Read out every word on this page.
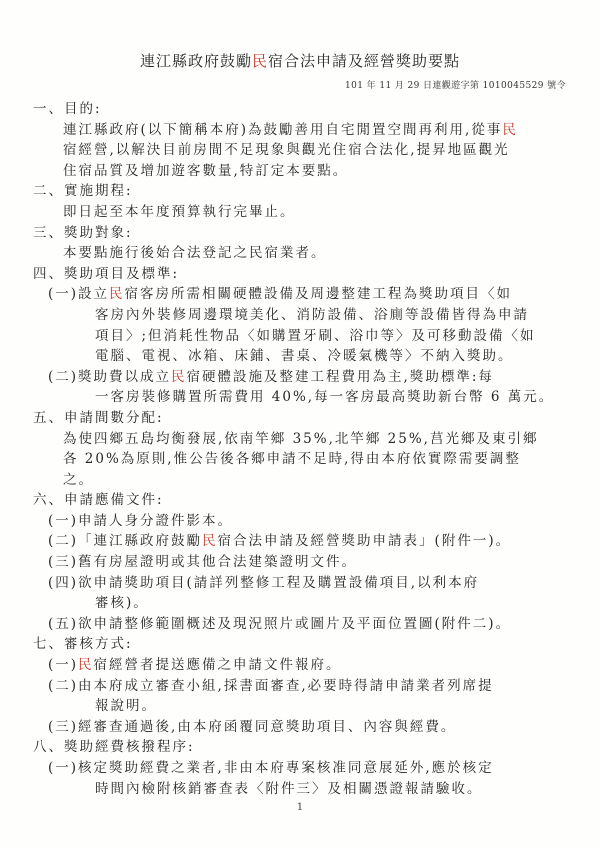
連江縣政府鼓勵民宿合法申請及經營獎助要點
101 年 11 月 29 日連觀遊字第 1010045529 號令
一、目的:
連江縣政府(以下簡稱本府)為鼓勵善用自宅閒置空間再利用,從事民
宿經營,以解決目前房間不足現象與觀光住宿合法化,提昇地區觀光
住宿品質及增加遊客數量,特訂定本要點。
二、實施期程:
即日起至本年度預算執行完畢止。
三、獎助對象:
本要點施行後始合法登記之民宿業者。
四、獎助項目及標準:
(一)設立民宿客房所需相關硬體設備及周邊整建工程為獎助項目〈如
客房內外裝修周邊環境美化、消防設備、浴廁等設備皆得為申請
項目〉;但消耗性物品〈如購置牙刷、浴巾等〉及可移動設備〈如
電腦、電視、冰箱、床鋪、書桌、冷暖氣機等〉不納入獎助。
(二)獎助費以成立民宿硬體設施及整建工程費用為主,獎助標準:每
一客房裝修購置所需費用 40%,每一客房最高獎助新台幣 6 萬元。
五、申請間數分配:
為使四鄉五島均衡發展,依南竿鄉 35%,北竿鄉 25%,莒光鄉及東引鄉
各 20%為原則,惟公告後各鄉申請不足時,得由本府依實際需要調整
之。
六、申請應備文件:
(一)申請人身分證件影本。
(二)「連江縣政府鼓勵民宿合法申請及經營獎助申請表」(附件一)。
(三)舊有房屋證明或其他合法建築證明文件。
(四)欲申請獎助項目(請詳列整修工程及購置設備項目,以利本府
審核)。
(五)欲申請整修範圍概述及現況照片或圖片及平面位置圖(附件二)。
七、審核方式:
(一)民宿經營者提送應備之申請文件報府。
(二)由本府成立審查小組,採書面審查,必要時得請申請業者列席提
報說明。
(三)經審查通過後,由本府函覆同意獎助項目、內容與經費。
八、獎助經費核撥程序:
(一)核定獎助經費之業者,非由本府專案核准同意展延外,應於核定
時間內檢附核銷審查表〈附件三〉及相關憑證報請驗收。
1
